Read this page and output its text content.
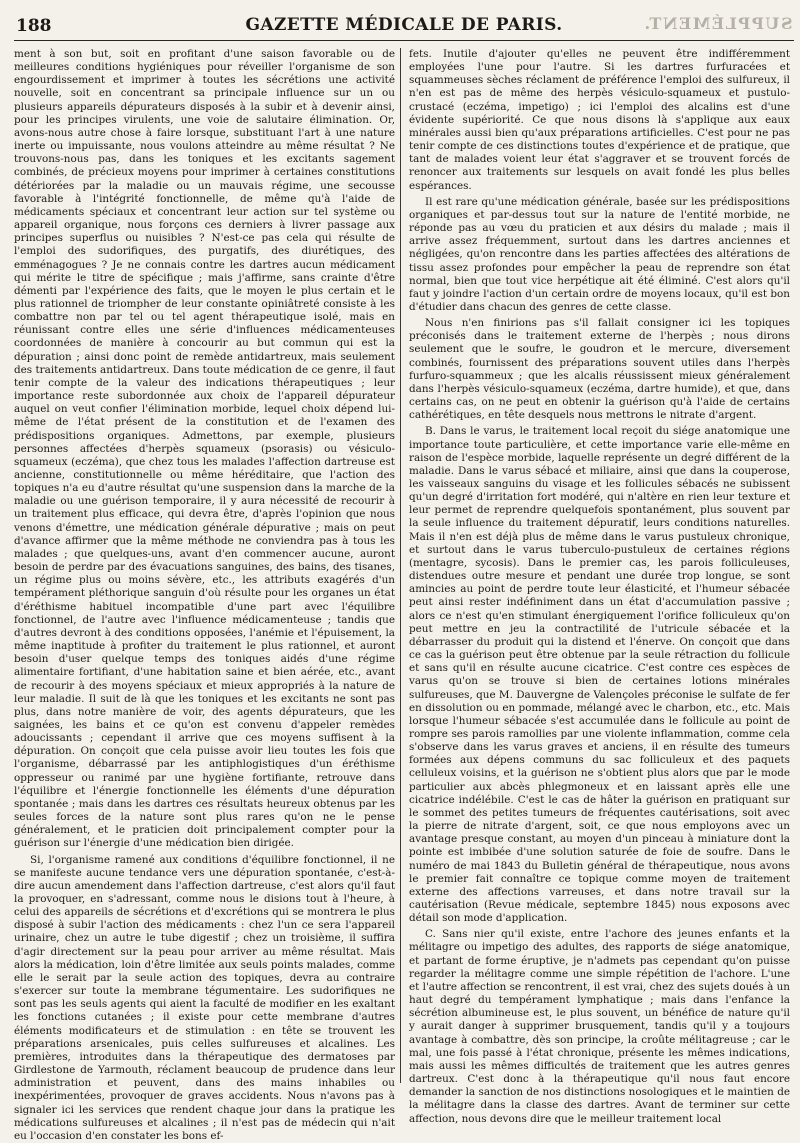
188	GAZETTE MÉDICALE DE PARIS.	SUPPLÉMENT.

ment à son but, soit en profitant d'une saison favorable ou de meilleures conditions hygiéniques pour réveiller l'organisme de son engourdissement et imprimer à toutes les sécrétions une activité nouvelle, soit en concentrant sa principale influence sur un ou plusieurs appareils dépurateurs disposés à la subir et à devenir ainsi, pour les principes virulents, une voie de salutaire élimination. Or, avons-nous autre chose à faire lorsque, substituant l'art à une nature inerte ou impuissante, nous voulons atteindre au même résultat ? Ne trouvons-nous pas, dans les toniques et les excitants sagement combinés, de précieux moyens pour imprimer à certaines constitutions détériorées par la maladie ou un mauvais régime, une secousse favorable à l'intégrité fonctionnelle, de même qu'à l'aide de médicaments spéciaux et concentrant leur action sur tel système ou appareil organique, nous forçons ces derniers à livrer passage aux principes superflus ou nuisibles ? N'est-ce pas cela qui résulte de l'emploi des sudorifiques, des purgatifs, des diurétiques, des emménagogues ? Je ne connais contre les dartres aucun médicament qui mérite le titre de spécifique ; mais j'affirme, sans crainte d'être démenti par l'expérience des faits, que le moyen le plus certain et le plus rationnel de triompher de leur constante opiniâtreté consiste à les combattre non par tel ou tel agent thérapeutique isolé, mais en réunissant contre elles une série d'influences médicamenteuses coordonnées de manière à concourir au but commun qui est la dépuration ; ainsi donc point de remède antidartreux, mais seulement des traitements antidartreux. Dans toute médication de ce genre, il faut tenir compte de la valeur des indications thérapeutiques ; leur importance reste subordonnée aux choix de l'appareil dépurateur auquel on veut confier l'élimination morbide, lequel choix dépend lui-même de l'état présent de la constitution et de l'examen des prédispositions organiques. Admettons, par exemple, plusieurs personnes affectées d'herpès squameux (psorasis) ou vésiculo-squameux (eczéma), que chez tous les malades l'affection dartreuse est ancienne, constitutionnelle ou même héréditaire, que l'action des topiques n'a eu d'autre résultat qu'une suspension dans la marche de la maladie ou une guérison temporaire, il y aura nécessité de recourir à un traitement plus efficace, qui devra être, d'après l'opinion que nous venons d'émettre, une médication générale dépurative ; mais on peut d'avance affirmer que la même méthode ne conviendra pas à tous les malades ; que quelques-uns, avant d'en commencer aucune, auront besoin de perdre par des évacuations sanguines, des bains, des tisanes, un régime plus ou moins sévère, etc., les attributs exagérés d'un tempérament pléthorique sanguin d'où résulte pour les organes un état d'éréthisme habituel incompatible d'une part avec l'équilibre fonctionnel, de l'autre avec l'influence médicamenteuse ; tandis que d'autres devront à des conditions opposées, l'anémie et l'épuisement, la même inaptitude à profiter du traitement le plus rationnel, et auront besoin d'user quelque temps des toniques aidés d'une régime alimentaire fortifiant, d'une habitation saine et bien aérée, etc., avant de recourir à des moyens spéciaux et mieux appropriés à la nature de leur maladie. Il suit de là que les toniques et les excitants ne sont pas plus, dans notre manière de voir, des agents dépurateurs, que les saignées, les bains et ce qu'on est convenu d'appeler remèdes adoucissants ; cependant il arrive que ces moyens suffisent à la dépuration. On conçoit que cela puisse avoir lieu toutes les fois que l'organisme, débarrassé par les antiphlogistiques d'un éréthisme oppresseur ou ranimé par une hygiène fortifiante, retrouve dans l'équilibre et l'énergie fonctionnelle les éléments d'une dépuration spontanée ; mais dans les dartres ces résultats heureux obtenus par les seules forces de la nature sont plus rares qu'on ne le pense généralement, et le praticien doit principalement compter pour la guérison sur l'énergie d'une médication bien dirigée.

Si, l'organisme ramené aux conditions d'équilibre fonctionnel, il ne se manifeste aucune tendance vers une dépuration spontanée, c'est-à-dire aucun amendement dans l'affection dartreuse, c'est alors qu'il faut la provoquer, en s'adressant, comme nous le disions tout à l'heure, à celui des appareils de sécrétions et d'excrétions qui se montrera le plus disposé à subir l'action des médicaments : chez l'un ce sera l'appareil urinaire, chez un autre le tube digestif ; chez un troisième, il suffira d'agir directement sur la peau pour arriver au même résultat. Mais alors la médication, loin d'être limitée aux seuls points malades, comme elle le serait par la seule action des topiques, devra au contraire s'exercer sur toute la membrane tégumentaire. Les sudorifiques ne sont pas les seuls agents qui aient la faculté de modifier en les exaltant les fonctions cutanées ; il existe pour cette membrane d'autres éléments modificateurs et de stimulation : en tête se trouvent les préparations arsenicales, puis celles sulfureuses et alcalines. Les premières, introduites dans la thérapeutique des dermatoses par Girdlestone de Yarmouth, réclament beaucoup de prudence dans leur administration et peuvent, dans des mains inhabiles ou inexpérimentées, provoquer de graves accidents. Nous n'avons pas à signaler ici les services que rendent chaque jour dans la pratique les médications sulfureuses et alcalines ; il n'est pas de médecin qui n'ait eu l'occasion d'en constater les bons ef-

fets. Inutile d'ajouter qu'elles ne peuvent être indifféremment employées l'une pour l'autre. Si les dartres furfuracées et squammeuses sèches réclament de préférence l'emploi des sulfureux, il n'en est pas de même des herpès vésiculo-squameux et pustulo-crustacé (eczéma, impetigo) ; ici l'emploi des alcalins est d'une évidente supériorité. Ce que nous disons là s'applique aux eaux minérales aussi bien qu'aux préparations artificielles. C'est pour ne pas tenir compte de ces distinctions toutes d'expérience et de pratique, que tant de malades voient leur état s'aggraver et se trouvent forcés de renoncer aux traitements sur lesquels on avait fondé les plus belles espérances.

Il est rare qu'une médication générale, basée sur les prédispositions organiques et par-dessus tout sur la nature de l'entité morbide, ne réponde pas au vœu du praticien et aux désirs du malade ; mais il arrive assez fréquemment, surtout dans les dartres anciennes et négligées, qu'on rencontre dans les parties affectées des altérations de tissu assez profondes pour empêcher la peau de reprendre son état normal, bien que tout vice herpétique ait été éliminé. C'est alors qu'il faut y joindre l'action d'un certain ordre de moyens locaux, qu'il est bon d'étudier dans chacun des genres de cette classe.

Nous n'en finirions pas s'il fallait consigner ici les topiques préconisés dans le traitement externe de l'herpès ; nous dirons seulement que le soufre, le goudron et le mercure, diversement combinés, fournissent des préparations souvent utiles dans l'herpès furfuro-squammeux ; que les alcalis réussissent mieux généralement dans l'herpès vésiculo-squameux (eczéma, dartre humide), et que, dans certains cas, on ne peut en obtenir la guérison qu'à l'aide de certains cathérétiques, en tête desquels nous mettrons le nitrate d'argent.

B. Dans le varus, le traitement local reçoit du siége anatomique une importance toute particulière, et cette importance varie elle-même en raison de l'espèce morbide, laquelle représente un degré différent de la maladie. Dans le varus sébacé et miliaire, ainsi que dans la couperose, les vaisseaux sanguins du visage et les follicules sébacés ne subissent qu'un degré d'irritation fort modéré, qui n'altère en rien leur texture et leur permet de reprendre quelquefois spontanément, plus souvent par la seule influence du traitement dépuratif, leurs conditions naturelles. Mais il n'en est déjà plus de même dans le varus pustuleux chronique, et surtout dans le varus tuberculo-pustuleux de certaines régions (mentagre, sycosis). Dans le premier cas, les parois folliculeuses, distendues outre mesure et pendant une durée trop longue, se sont amincies au point de perdre toute leur élasticité, et l'humeur sébacée peut ainsi rester indéfiniment dans un état d'accumulation passive ; alors ce n'est qu'en stimulant énergiquement l'orifice folliculeux qu'on peut mettre en jeu la contractilité de l'utricule sébacée et la débarrasser du produit qui la distend et l'énerve. On conçoit que dans ce cas la guérison peut être obtenue par la seule rétraction du follicule et sans qu'il en résulte aucune cicatrice. C'est contre ces espèces de varus qu'on se trouve si bien de certaines lotions minérales sulfureuses, que M. Dauvergne de Valençoles préconise le sulfate de fer en dissolution ou en pommade, mélangé avec le charbon, etc., etc. Mais lorsque l'humeur sébacée s'est accumulée dans le follicule au point de rompre ses parois ramollies par une violente inflammation, comme cela s'observe dans les varus graves et anciens, il en résulte des tumeurs formées aux dépens communs du sac folliculeux et des paquets celluleux voisins, et la guérison ne s'obtient plus alors que par le mode particulier aux abcès phlegmoneux et en laissant après elle une cicatrice indélébile. C'est le cas de hâter la guérison en pratiquant sur le sommet des petites tumeurs de fréquentes cautérisations, soit avec la pierre de nitrate d'argent, soit, ce que nous employons avec un avantage presque constant, au moyen d'un pinceau à miniature dont la pointe est imbibée d'une solution saturée de foie de soufre. Dans le numéro de mai 1843 du Bulletin général de thérapeutique, nous avons le premier fait connaître ce topique comme moyen de traitement externe des affections varreuses, et dans notre travail sur la cautérisation (Revue médicale, septembre 1845) nous exposons avec détail son mode d'application.

C. Sans nier qu'il existe, entre l'achore des jeunes enfants et la mélitagre ou impetigo des adultes, des rapports de siége anatomique, et partant de forme éruptive, je n'admets pas cependant qu'on puisse regarder la mélitagre comme une simple répétition de l'achore. L'une et l'autre affection se rencontrent, il est vrai, chez des sujets doués à un haut degré du tempérament lymphatique ; mais dans l'enfance la sécrétion albumineuse est, le plus souvent, un bénéfice de nature qu'il y aurait danger à supprimer brusquement, tandis qu'il y a toujours avantage à combattre, dès son principe, la croûte mélitagreuse ; car le mal, une fois passé à l'état chronique, présente les mêmes indications, mais aussi les mêmes difficultés de traitement que les autres genres dartreux. C'est donc à la thérapeutique qu'il nous faut encore demander la sanction de nos distinctions nosologiques et le maintien de la mélitagre dans la classe des dartres. Avant de terminer sur cette affection, nous devons dire que le meilleur traitement local
